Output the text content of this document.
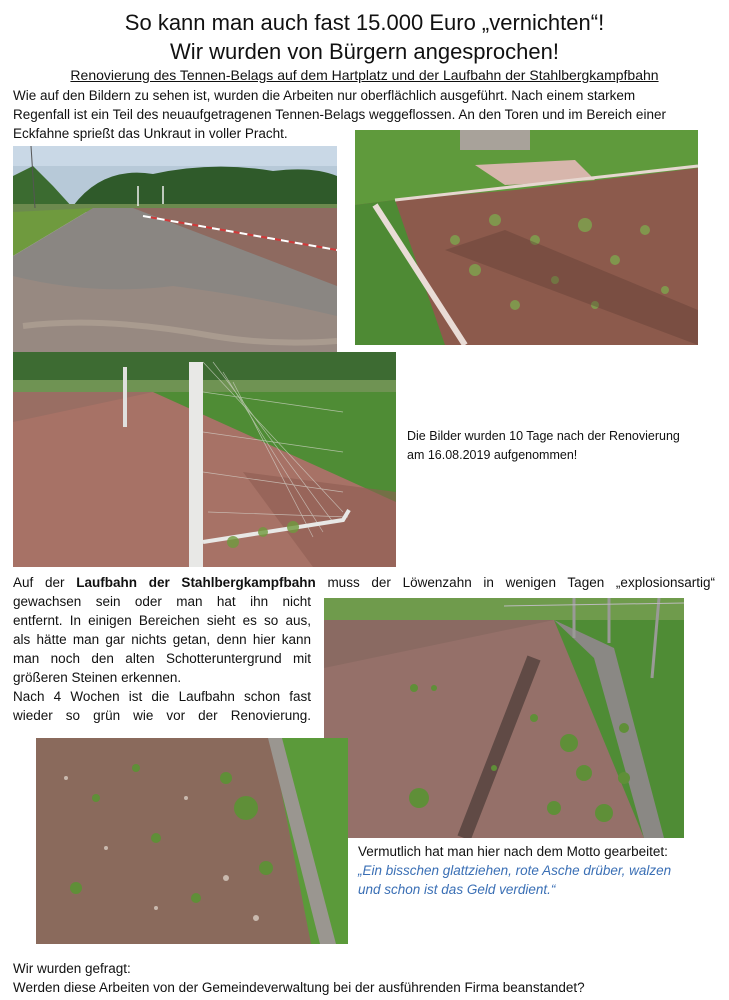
So kann man auch fast 15.000 Euro „vernichten“!
Wir wurden von Bürgern angesprochen!
Renovierung des Tennen-Belags auf dem Hartplatz und der Laufbahn der Stahlbergkampfbahn
Wie auf den Bildern zu sehen ist, wurden die Arbeiten nur oberflächlich ausgeführt. Nach einem starkem
Regenfall ist ein Teil des neuaufgetragenen Tennen-Belags weggeflossen. An den Toren und im Bereich einer
Eckfahne sprießt das Unkraut in voller Pracht.
Die Bilder wurden 10 Tage nach der Renovierung
am 16.08.2019 aufgenommen!
Auf der Laufbahn der Stahlbergkampfbahn muss der Löwenzahn in wenigen Tagen „explosionsartig“
gewachsen sein oder man hat ihn nicht
entfernt. In einigen Bereichen sieht es so aus,
als hätte man gar nichts getan, denn hier kann
man noch den alten Schotteruntergrund mit
größeren Steinen erkennen.
Nach 4 Wochen ist die Laufbahn schon fast
wieder so grün wie vor der Renovierung.
Vermutlich hat man hier nach dem Motto gearbeitet:
„Ein bisschen glattziehen, rote Asche drüber, walzen
und schon ist das Geld verdient.“
Wir wurden gefragt:
Werden diese Arbeiten von der Gemeindeverwaltung bei der ausführenden Firma beanstandet?
